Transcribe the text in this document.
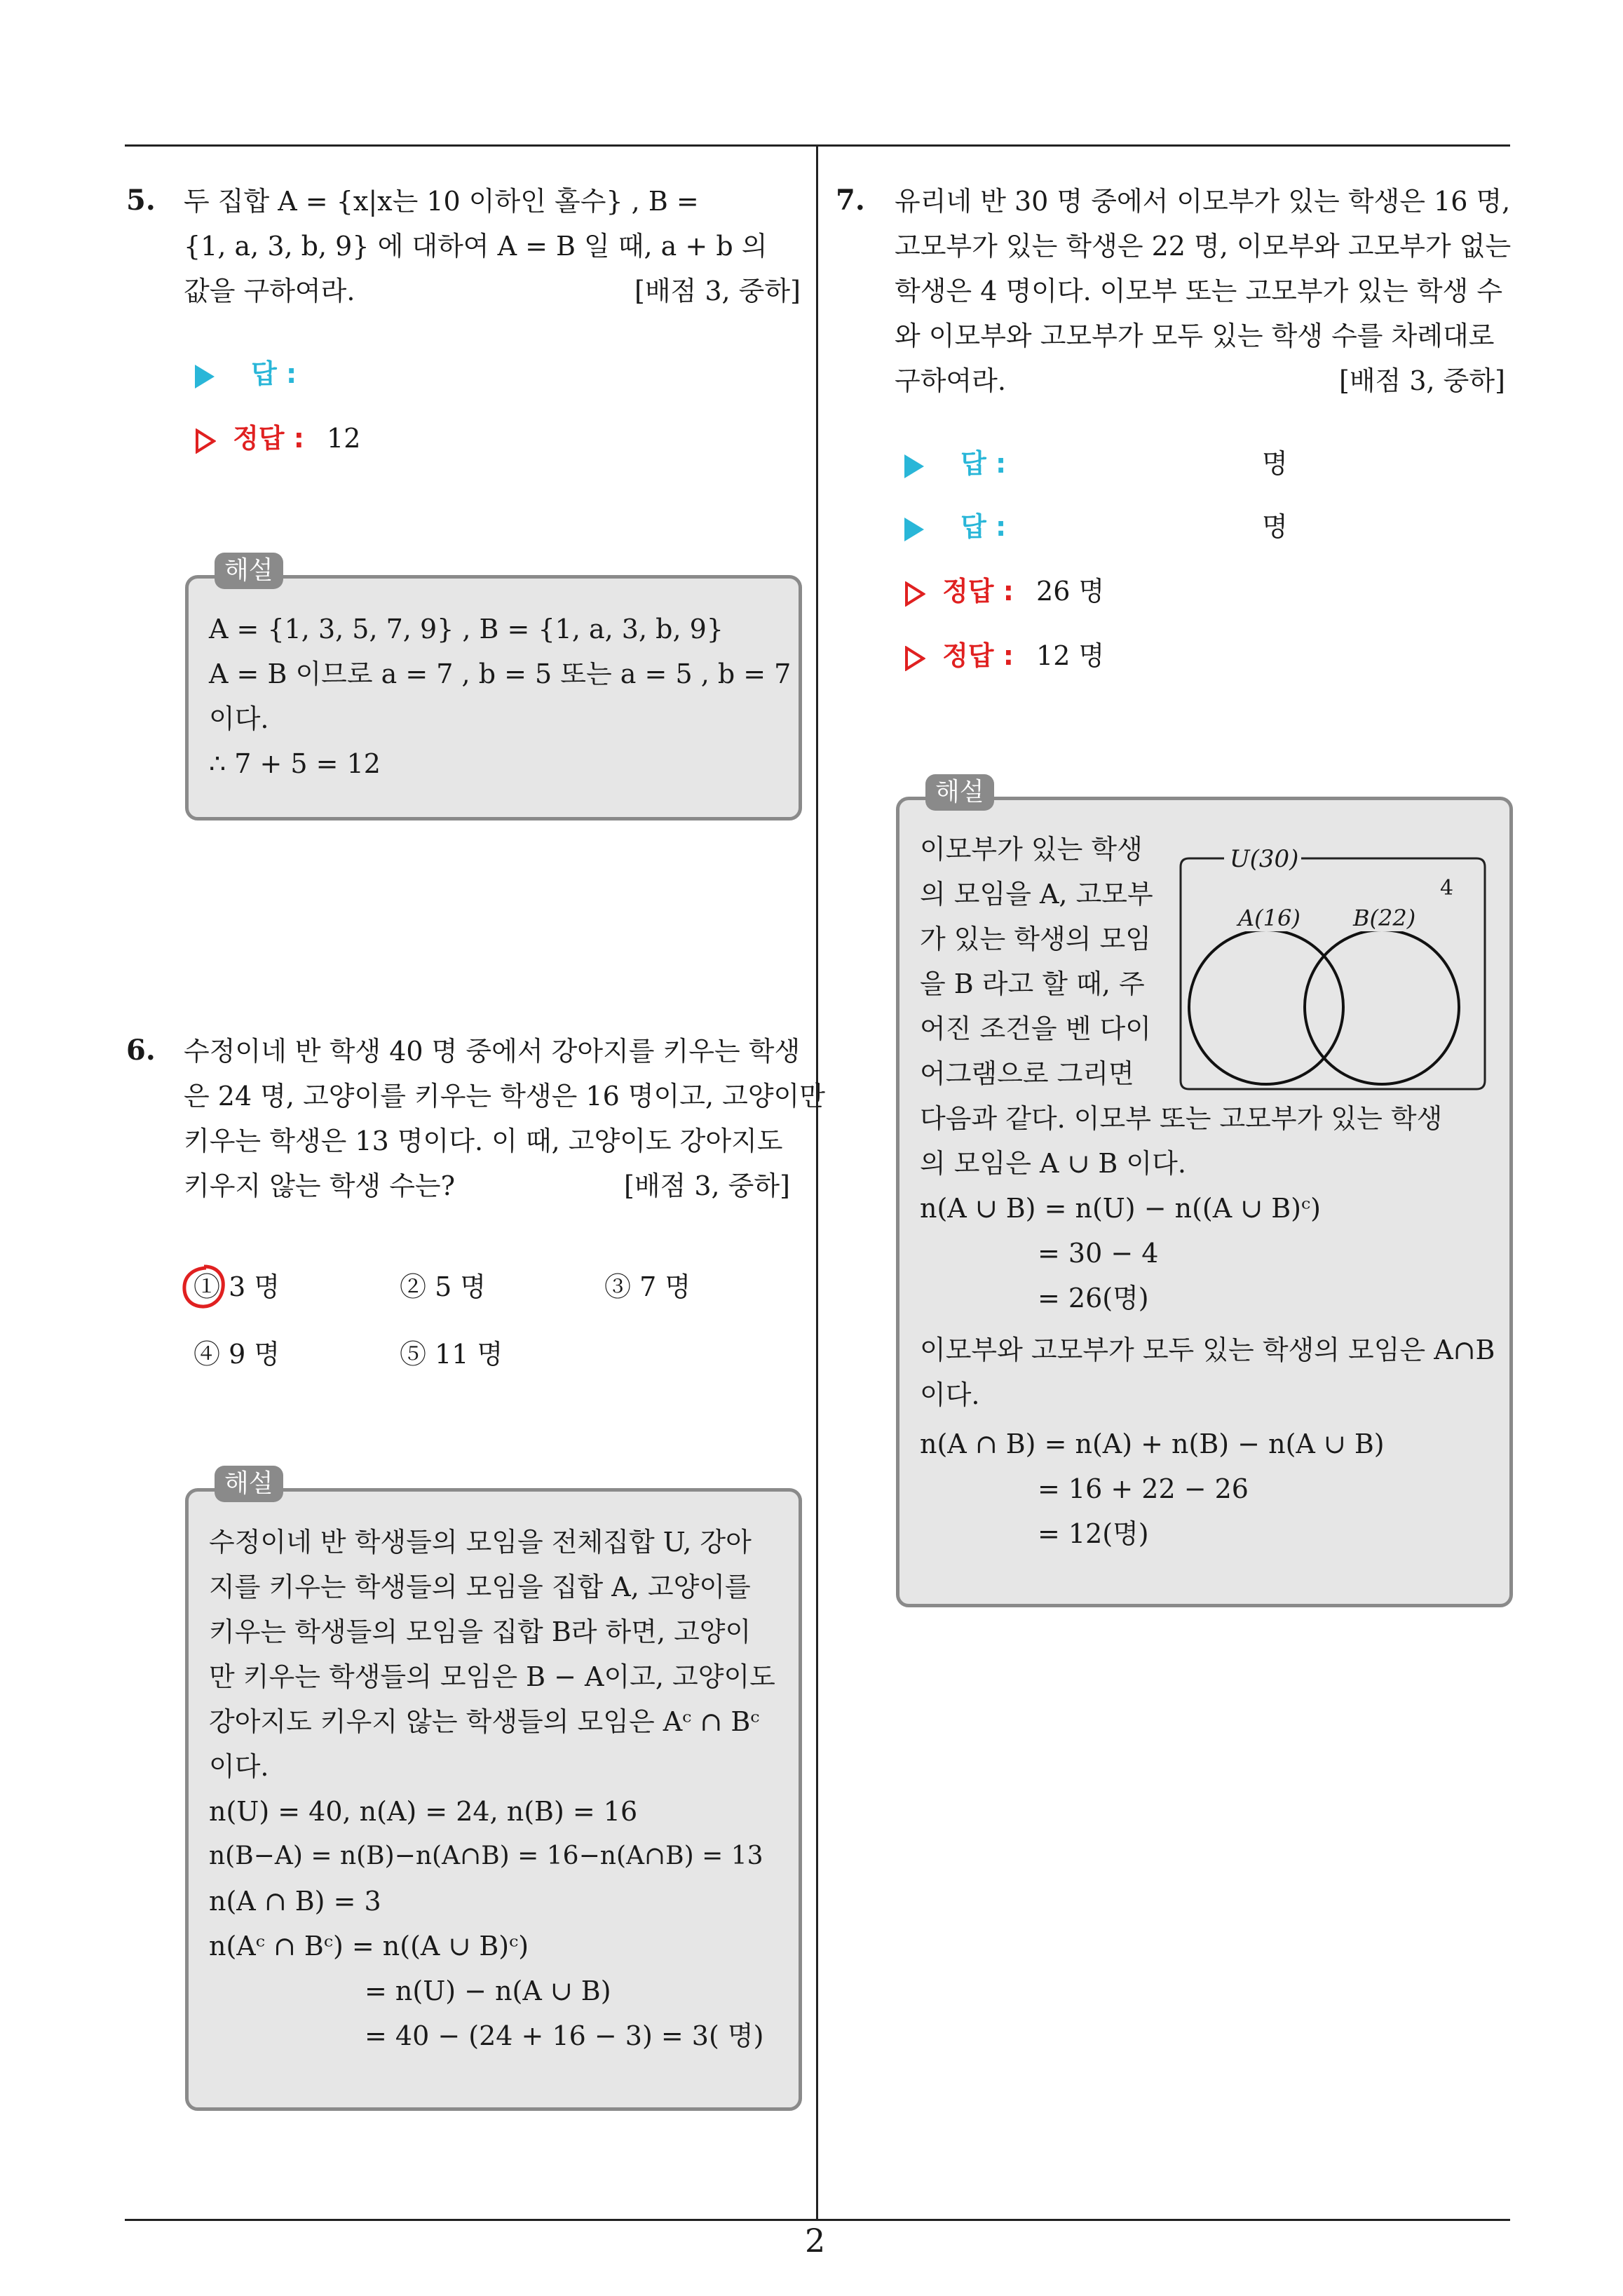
5. 두 집합 A = {x|x는 10 이하인 홀수} , B =
{1, a, 3, b, 9} 에 대하여 A = B 일 때, a + b 의
값을 구하여라.	[배점 3, 중하]
답 :
정답 : 12
해설
A = {1, 3, 5, 7, 9} , B = {1, a, 3, b, 9}
A = B 이므로 a = 7 , b = 5 또는 a = 5 , b = 7
이다.
∴ 7 + 5 = 12
6. 수정이네 반 학생 40 명 중에서 강아지를 키우는 학생
은 24 명, 고양이를 키우는 학생은 16 명이고, 고양이만
키우는 학생은 13 명이다. 이 때, 고양이도 강아지도
키우지 않는 학생 수는?	[배점 3, 중하]
① 3 명	② 5 명	③ 7 명
④ 9 명	⑤ 11 명
해설
수정이네 반 학생들의 모임을 전체집합 U, 강아
지를 키우는 학생들의 모임을 집합 A, 고양이를
키우는 학생들의 모임을 집합 B라 하면, 고양이
만 키우는 학생들의 모임은 B − A이고, 고양이도
강아지도 키우지 않는 학생들의 모임은 Aᶜ ∩ Bᶜ
이다.
n(U) = 40, n(A) = 24, n(B) = 16
n(B−A) = n(B)−n(A∩B) = 16−n(A∩B) = 13
n(A ∩ B) = 3
n(Aᶜ ∩ Bᶜ) = n((A ∪ B)ᶜ)
= n(U) − n(A ∪ B)
= 40 − (24 + 16 − 3) = 3( 명)
7. 유리네 반 30 명 중에서 이모부가 있는 학생은 16 명,
고모부가 있는 학생은 22 명, 이모부와 고모부가 없는
학생은 4 명이다. 이모부 또는 고모부가 있는 학생 수
와 이모부와 고모부가 모두 있는 학생 수를 차례대로
구하여라.	[배점 3, 중하]
답 :	명
답 :	명
정답 : 26 명
정답 : 12 명
해설
이모부가 있는 학생
의 모임을 A, 고모부
가 있는 학생의 모임
을 B 라고 할 때, 주
어진 조건을 벤 다이
어그램으로 그리면
U(30)
4
A(16) B(22)
다음과 같다. 이모부 또는 고모부가 있는 학생
의 모임은 A ∪ B 이다.
n(A ∪ B) = n(U) − n((A ∪ B)ᶜ)
= 30 − 4
= 26(명)
이모부와 고모부가 모두 있는 학생의 모임은 A∩B
이다.
n(A ∩ B) = n(A) + n(B) − n(A ∪ B)
= 16 + 22 − 26
= 12(명)
2
